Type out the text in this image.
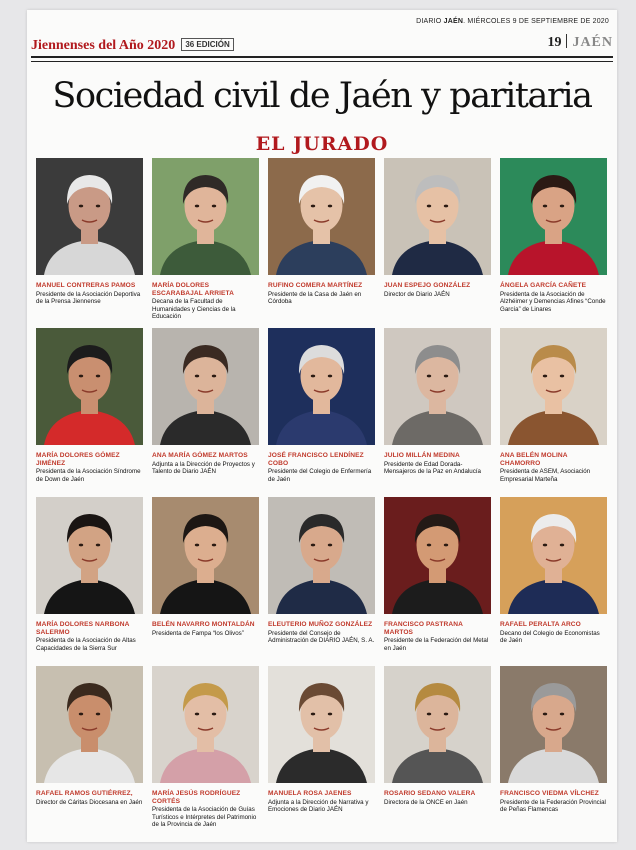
DIARIO JAÉN. MIÉRCOLES 9 DE SEPTIEMBRE DE 2020
Jiennenses del Año 2020 36 EDICIÓN	19 JAÉN
Sociedad civil de Jaén y paritaria
EL JURADO
MANUEL CONTRERAS PAMOS
Presidente de la Asociación Deportiva de la Prensa Jiennense
MARÍA DOLORES ESCARABAJAL ARRIETA
Decana de la Facultad de Humanidades y Ciencias de la Educación
RUFINO COMERA MARTÍNEZ
Presidente de la Casa de Jaén en Córdoba
JUAN ESPEJO GONZÁLEZ
Director de Diario JAÉN
ÁNGELA GARCÍA CAÑETE
Presidenta de la Asociación de Alzhéimer y Demencias Afines “Conde García” de Linares
MARÍA DOLORES GÓMEZ JIMÉNEZ
Presidenta de la Asociación Síndrome de Down de Jaén
ANA MARÍA GÓMEZ MARTOS
Adjunta a la Dirección de Proyectos y Talento de Diario JAÉN
JOSÉ FRANCISCO LENDÍNEZ COBO
Presidente del Colegio de Enfermería de Jaén
JULIO MILLÁN MEDINA
Presidente de Edad Dorada-Mensajeros de la Paz en Andalucía
ANA BELÉN MOLINA CHAMORRO
Presidenta de ASEM, Asociación Empresarial Marteña
MARÍA DOLORES NARBONA SALERMO
Presidenta de la Asociación de Altas Capacidades de la Sierra Sur
BELÉN NAVARRO MONTALDÁN
Presidenta de Fampa “los Olivos”
ELEUTERIO MUÑOZ GONZÁLEZ
Presidente del Consejo de Administración de DIARIO JAÉN, S. A.
FRANCISCO PASTRANA MARTOS
Presidente de la Federación del Metal en Jaén
RAFAEL PERALTA ARCO
Decano del Colegio de Economistas de Jaén
RAFAEL RAMOS GUTIÉRREZ,
Director de Cáritas Diocesana en Jaén
MARÍA JESÚS RODRÍGUEZ CORTÉS
Presidenta de la Asociación de Guías Turísticos e Intérpretes del Patrimonio de la Provincia de Jaén
MANUELA ROSA JAENES
Adjunta a la Dirección de Narrativa y Emociones de Diario JAÉN
ROSARIO SEDANO VALERA
Directora de la ONCE en Jaén
FRANCISCO VIEDMA VÍLCHEZ
Presidente de la Federación Provincial de Peñas Flamencas
